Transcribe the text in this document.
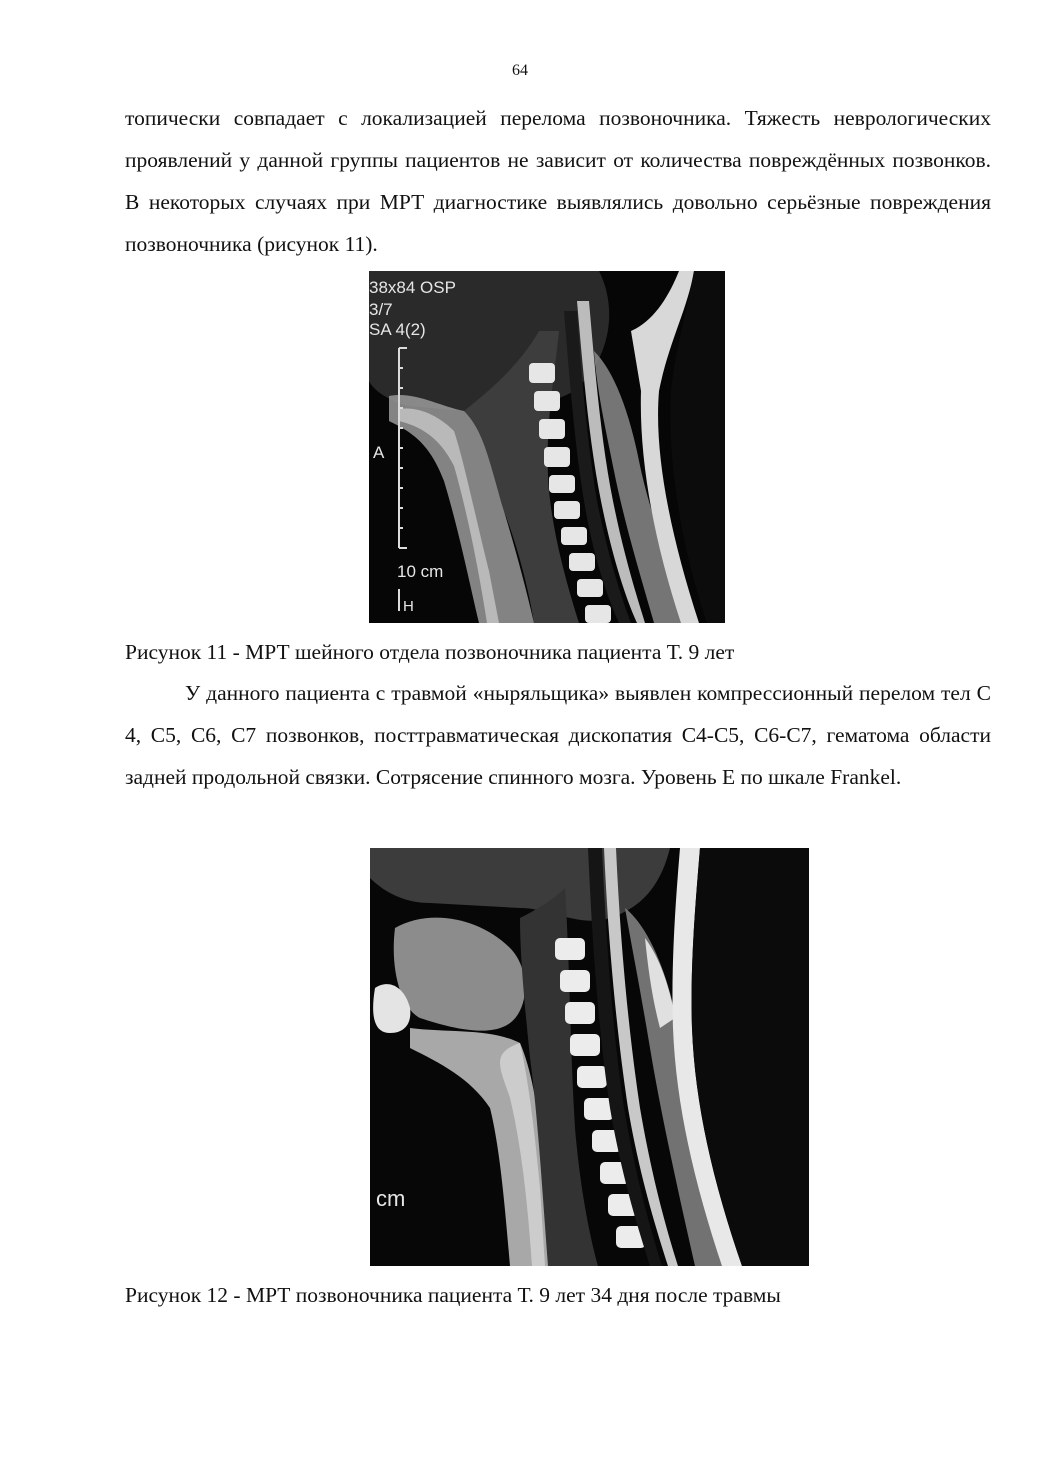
64

топически совпадает с локализацией перелома позвоночника. Тяжесть неврологических проявлений у данной группы пациентов не зависит от количества повреждённых позвонков. В некоторых случаях при МРТ диагностике выявлялись довольно серьёзные повреждения позвоночника (рисунок 11).

38x84 OSP
3/7
SA 4(2)
A
10 cm
H
Рисунок 11 - МРТ шейного отдела позвоночника пациента Т. 9 лет

У данного пациента с травмой «ныряльщика» выявлен компрессионный перелом тел С 4, С5, С6, С7 позвонков, посттравматическая дископатия С4-С5, С6-С7, гематома области задней продольной связки. Сотрясение спинного мозга. Уровень E по шкале Frankel.

cm
Рисунок 12 - МРТ позвоночника пациента Т. 9 лет 34 дня после травмы
